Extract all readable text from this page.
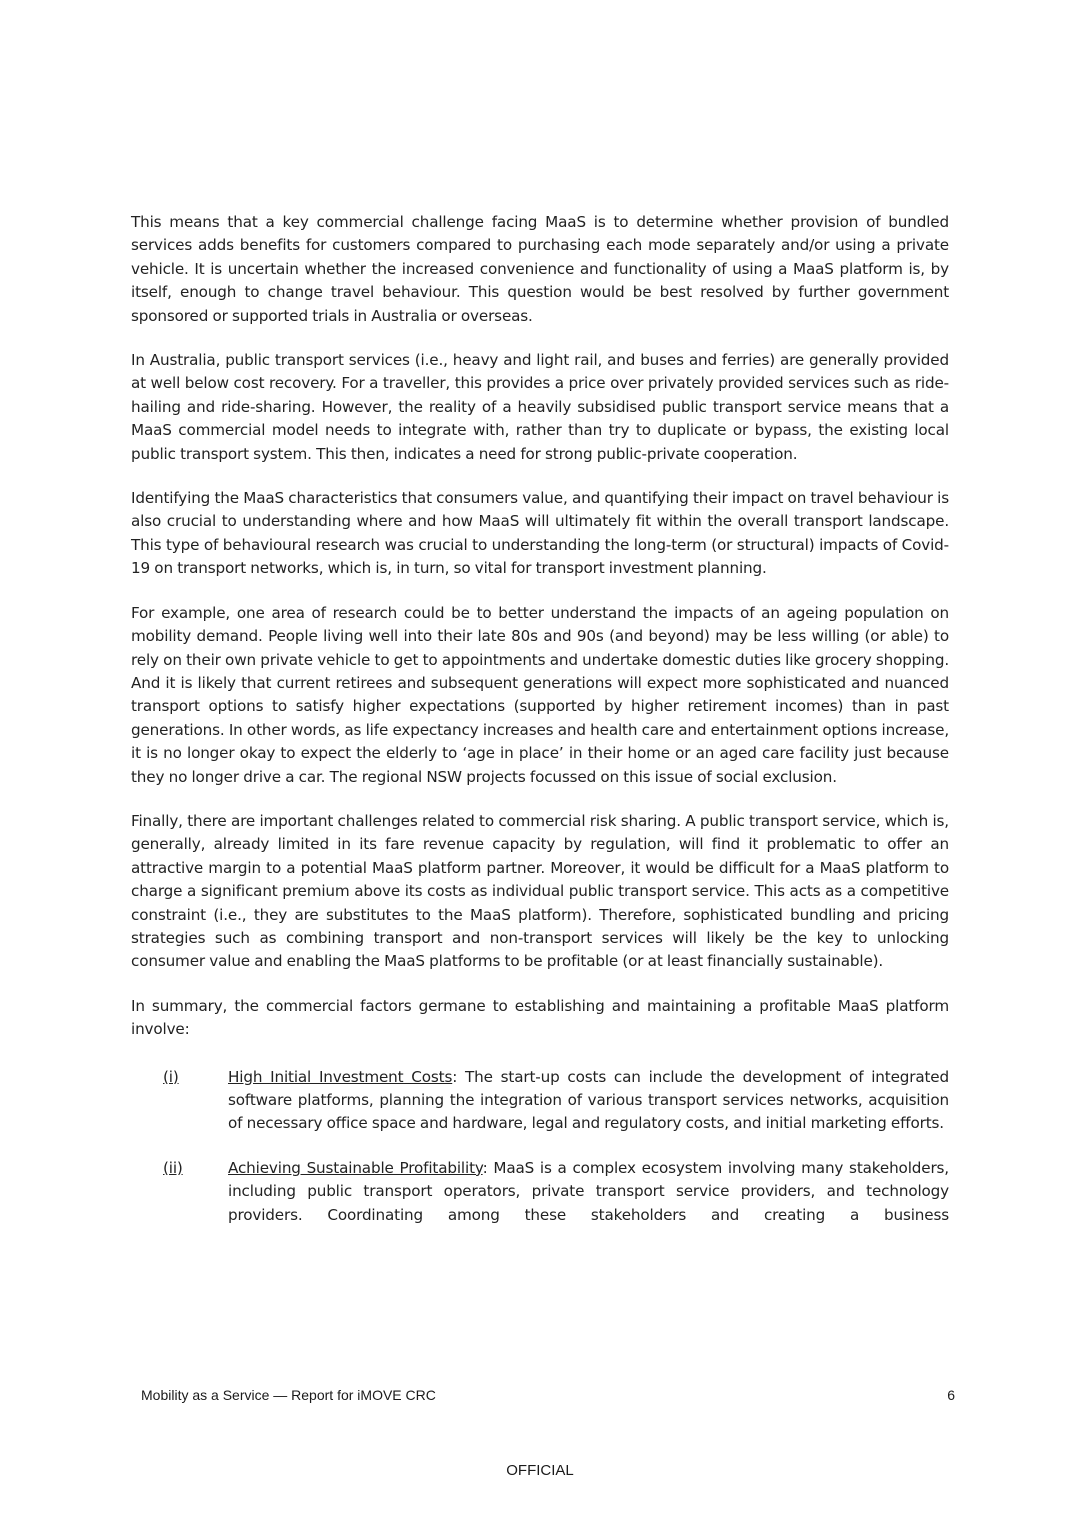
This means that a key commercial challenge facing MaaS is to determine whether provision of bundled services adds benefits for customers compared to purchasing each mode separately and/or using a private vehicle. It is uncertain whether the increased convenience and functionality of using a MaaS platform is, by itself, enough to change travel behaviour. This question would be best resolved by further government sponsored or supported trials in Australia or overseas.

In Australia, public transport services (i.e., heavy and light rail, and buses and ferries) are generally provided at well below cost recovery. For a traveller, this provides a price over privately provided services such as ride-hailing and ride-sharing. However, the reality of a heavily subsidised public transport service means that a MaaS commercial model needs to integrate with, rather than try to duplicate or bypass, the existing local public transport system. This then, indicates a need for strong public-private cooperation.

Identifying the MaaS characteristics that consumers value, and quantifying their impact on travel behaviour is also crucial to understanding where and how MaaS will ultimately fit within the overall transport landscape. This type of behavioural research was crucial to understanding the long-term (or structural) impacts of Covid-19 on transport networks, which is, in turn, so vital for transport investment planning.

For example, one area of research could be to better understand the impacts of an ageing population on mobility demand. People living well into their late 80s and 90s (and beyond) may be less willing (or able) to rely on their own private vehicle to get to appointments and undertake domestic duties like grocery shopping. And it is likely that current retirees and subsequent generations will expect more sophisticated and nuanced transport options to satisfy higher expectations (supported by higher retirement incomes) than in past generations. In other words, as life expectancy increases and health care and entertainment options increase, it is no longer okay to expect the elderly to ‘age in place’ in their home or an aged care facility just because they no longer drive a car. The regional NSW projects focussed on this issue of social exclusion.

Finally, there are important challenges related to commercial risk sharing. A public transport service, which is, generally, already limited in its fare revenue capacity by regulation, will find it problematic to offer an attractive margin to a potential MaaS platform partner. Moreover, it would be difficult for a MaaS platform to charge a significant premium above its costs as individual public transport service. This acts as a competitive constraint (i.e., they are substitutes to the MaaS platform). Therefore, sophisticated bundling and pricing strategies such as combining transport and non-transport services will likely be the key to unlocking consumer value and enabling the MaaS platforms to be profitable (or at least financially sustainable).

In summary, the commercial factors germane to establishing and maintaining a profitable MaaS platform involve:

(i)	High Initial Investment Costs: The start-up costs can include the development of integrated software platforms, planning the integration of various transport services networks, acquisition of necessary office space and hardware, legal and regulatory costs, and initial marketing efforts.
(ii)	Achieving Sustainable Profitability: MaaS is a complex ecosystem involving many stakeholders, including public transport operators, private transport service providers, and technology providers. Coordinating among these stakeholders and creating a business
Mobility as a Service — Report for iMOVE CRC	6
OFFICIAL
